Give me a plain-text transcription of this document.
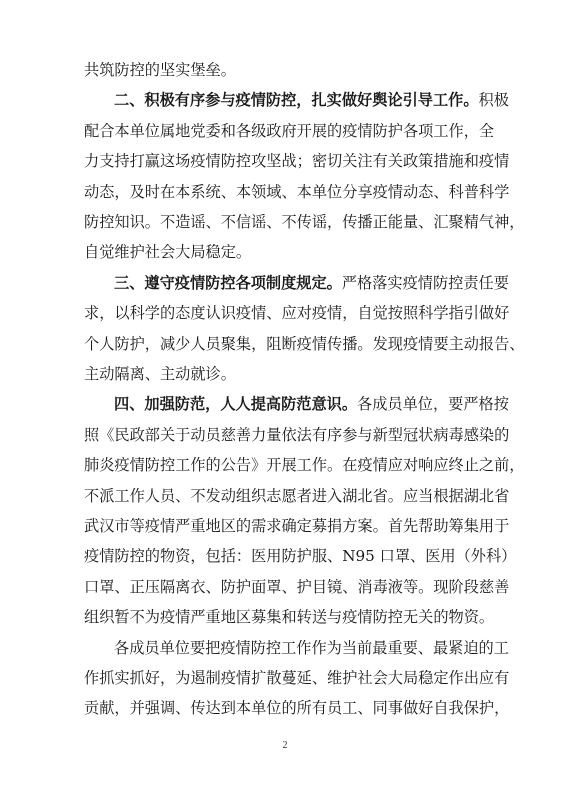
共筑防控的坚实堡垒。
二、积极有序参与疫情防控，扎实做好舆论引导工作。积极
配合本单位属地党委和各级政府开展的疫情防护各项工作，全
力支持打赢这场疫情防控攻坚战；密切关注有关政策措施和疫情
动态，及时在本系统、本领域、本单位分享疫情动态、科普科学
防控知识。不造谣、不信谣、不传谣，传播正能量、汇聚精气神，
自觉维护社会大局稳定。
三、遵守疫情防控各项制度规定。严格落实疫情防控责任要
求，以科学的态度认识疫情、应对疫情，自觉按照科学指引做好
个人防护，减少人员聚集，阻断疫情传播。发现疫情要主动报告、
主动隔离、主动就诊。
四、加强防范，人人提高防范意识。各成员单位，要严格按
照《民政部关于动员慈善力量依法有序参与新型冠状病毒感染的
肺炎疫情防控工作的公告》开展工作。在疫情应对响应终止之前，
不派工作人员、不发动组织志愿者进入湖北省。应当根据湖北省
武汉市等疫情严重地区的需求确定募捐方案。首先帮助筹集用于
疫情防控的物资，包括：医用防护服、N95 口罩、医用（外科）
口罩、正压隔离衣、防护面罩、护目镜、消毒液等。现阶段慈善
组织暂不为疫情严重地区募集和转送与疫情防控无关的物资。
各成员单位要把疫情防控工作作为当前最重要、最紧迫的工
作抓实抓好，为遏制疫情扩散蔓延、维护社会大局稳定作出应有
贡献，并强调、传达到本单位的所有员工、同事做好自我保护，
2
